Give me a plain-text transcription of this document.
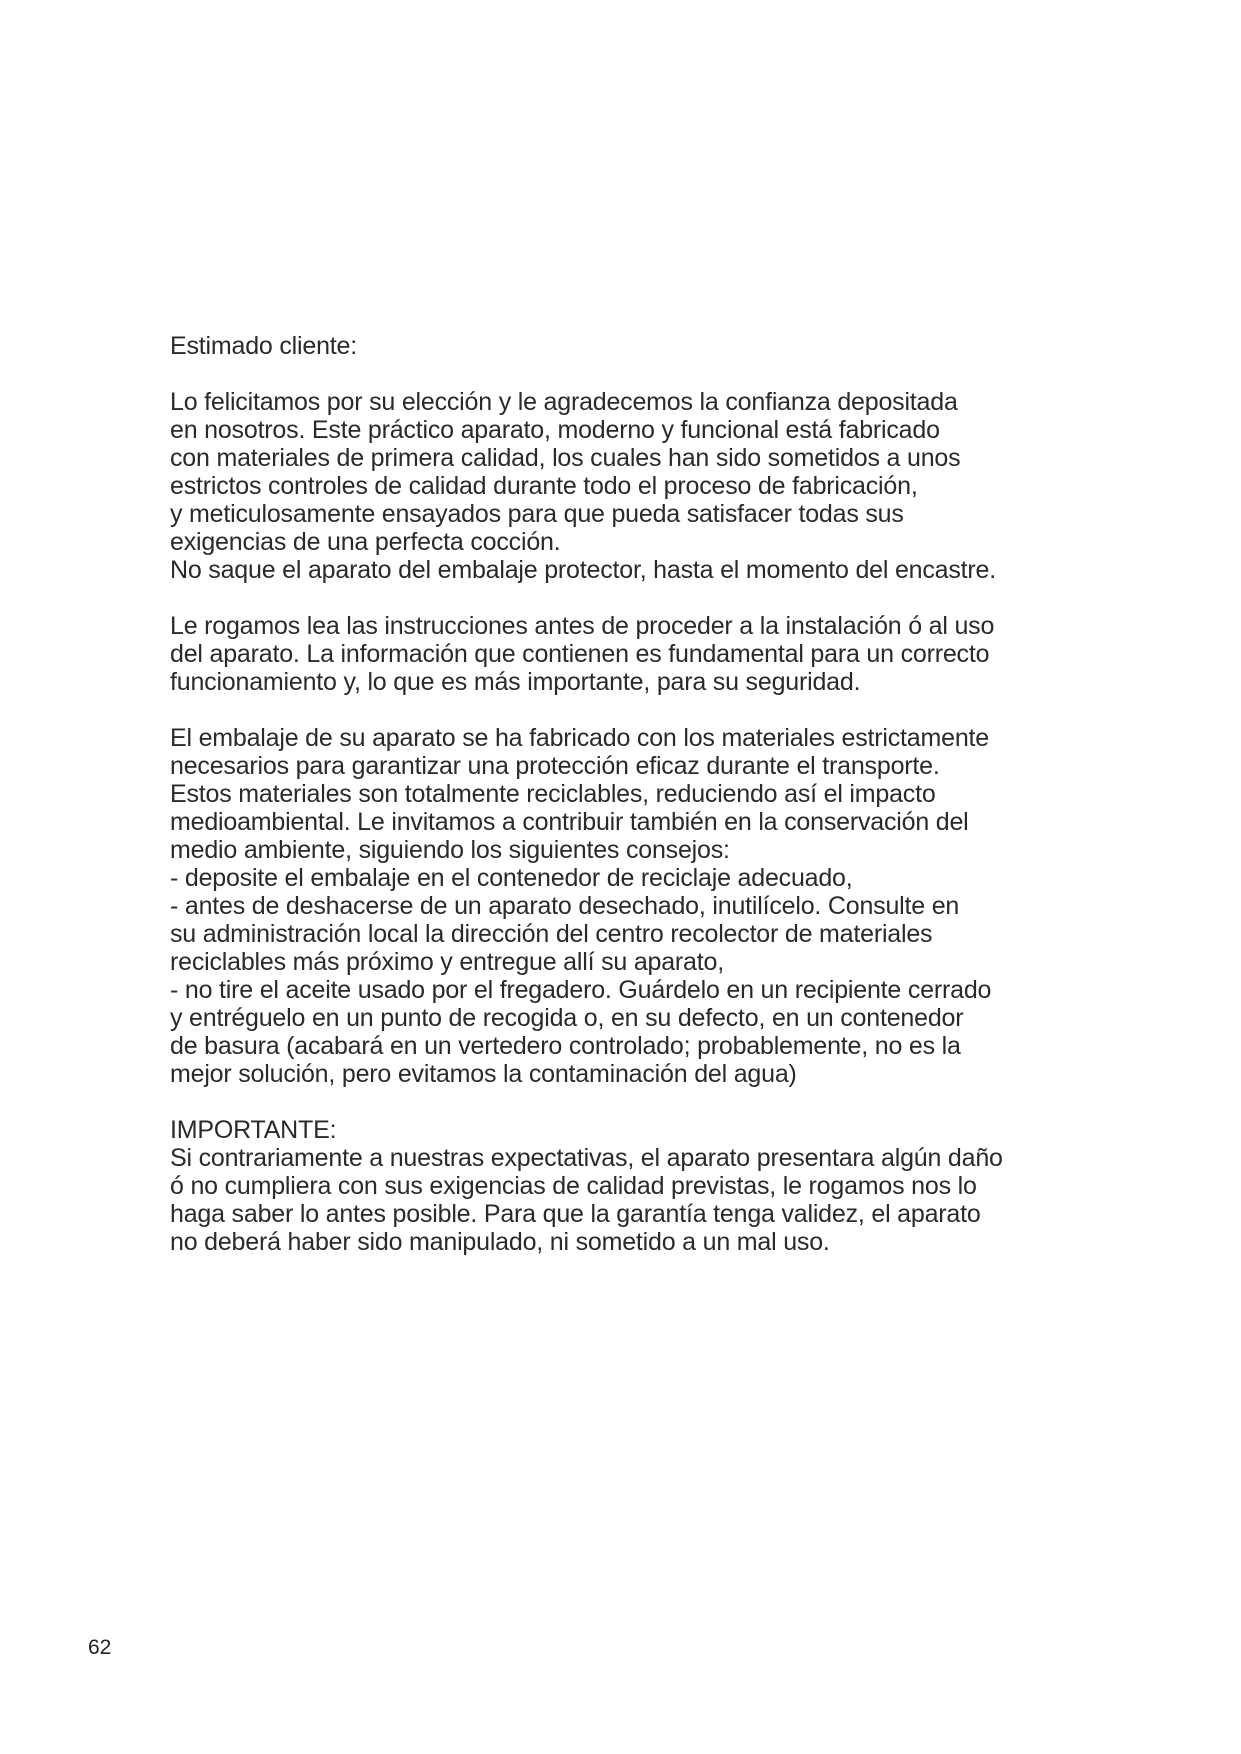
Estimado cliente:

Lo felicitamos por su elección y le agradecemos la confianza depositada
en nosotros. Este práctico aparato, moderno y funcional está fabricado
con materiales de primera calidad, los cuales han sido sometidos a unos
estrictos controles de calidad durante todo el proceso de fabricación,
y meticulosamente ensayados para que pueda satisfacer todas sus
exigencias de una perfecta cocción.
No saque el aparato del embalaje protector, hasta el momento del encastre.

Le rogamos lea las instrucciones antes de proceder a la instalación ó al uso
del aparato. La información que contienen es fundamental para un correcto
funcionamiento y, lo que es más importante, para su seguridad.

El embalaje de su aparato se ha fabricado con los materiales estrictamente
necesarios para garantizar una protección eficaz durante el transporte.
Estos materiales son totalmente reciclables, reduciendo así el impacto
medioambiental. Le invitamos a contribuir también en la conservación del
medio ambiente, siguiendo los siguientes consejos:
- deposite el embalaje en el contenedor de reciclaje adecuado,
- antes de deshacerse de un aparato desechado, inutilícelo. Consulte en
su administración local la dirección del centro recolector de materiales
reciclables más próximo y entregue allí su aparato,
- no tire el aceite usado por el fregadero. Guárdelo en un recipiente cerrado
y entréguelo en un punto de recogida o, en su defecto, en un contenedor
de basura (acabará en un vertedero controlado; probablemente, no es la
mejor solución, pero evitamos la contaminación del agua)

IMPORTANTE:
Si contrariamente a nuestras expectativas, el aparato presentara algún daño
ó no cumpliera con sus exigencias de calidad previstas, le rogamos nos lo
haga saber lo antes posible. Para que la garantía tenga validez, el aparato
no deberá haber sido manipulado, ni sometido a un mal uso.

62
